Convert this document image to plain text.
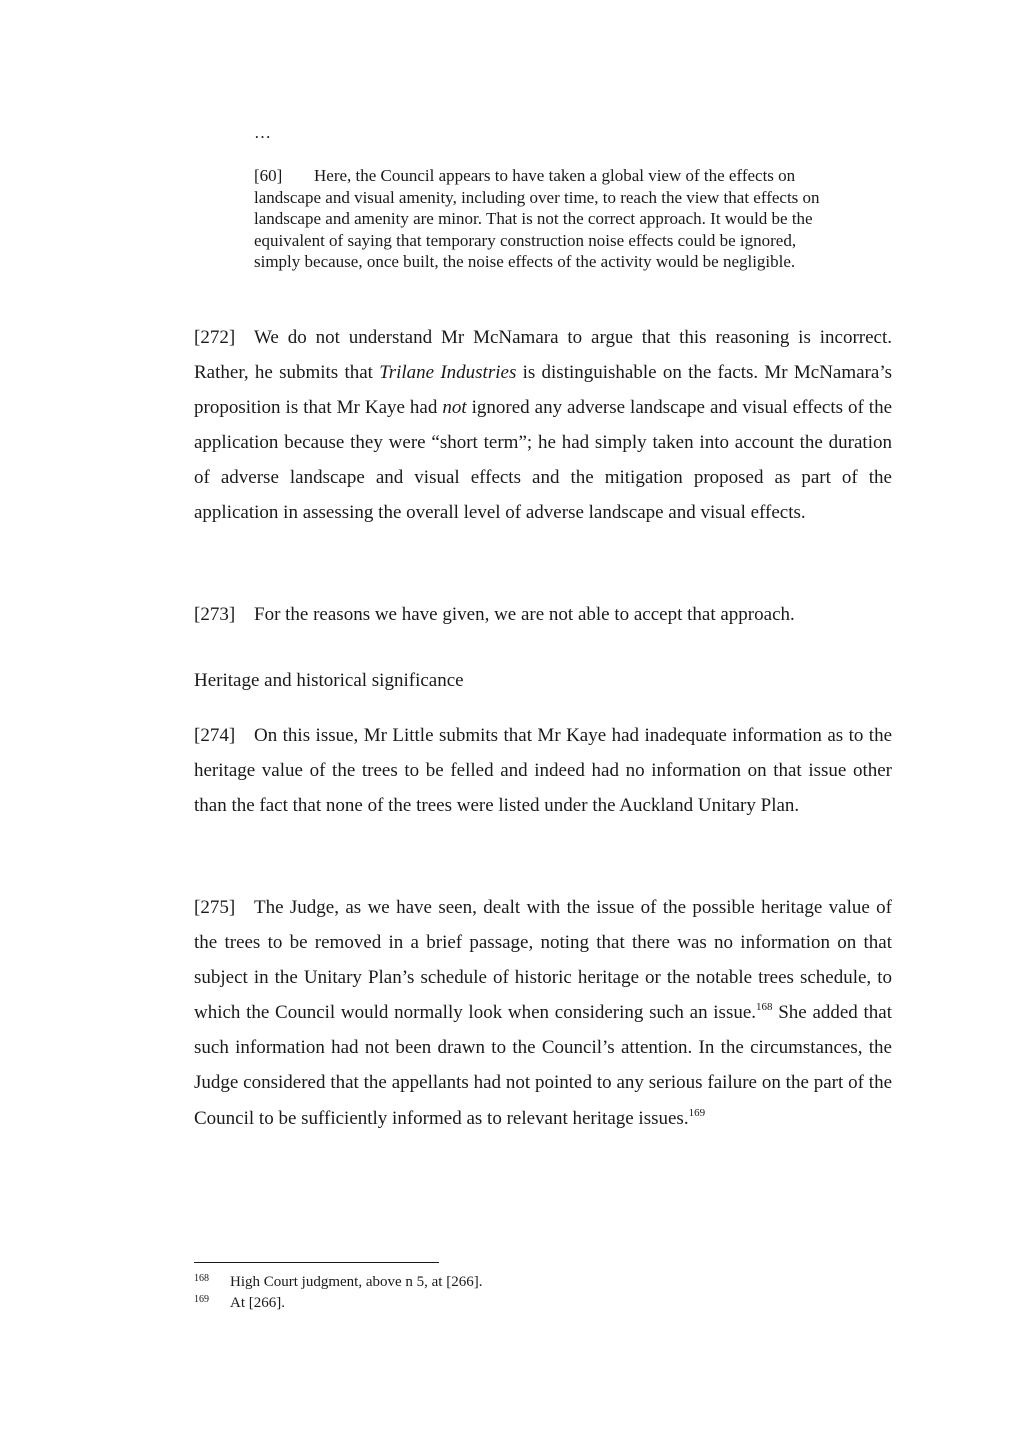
…
[60] Here, the Council appears to have taken a global view of the effects on landscape and visual amenity, including over time, to reach the view that effects on landscape and amenity are minor. That is not the correct approach. It would be the equivalent of saying that temporary construction noise effects could be ignored, simply because, once built, the noise effects of the activity would be negligible.
[272] We do not understand Mr McNamara to argue that this reasoning is incorrect. Rather, he submits that Trilane Industries is distinguishable on the facts. Mr McNamara’s proposition is that Mr Kaye had not ignored any adverse landscape and visual effects of the application because they were “short term”; he had simply taken into account the duration of adverse landscape and visual effects and the mitigation proposed as part of the application in assessing the overall level of adverse landscape and visual effects.
[273] For the reasons we have given, we are not able to accept that approach.
Heritage and historical significance
[274] On this issue, Mr Little submits that Mr Kaye had inadequate information as to the heritage value of the trees to be felled and indeed had no information on that issue other than the fact that none of the trees were listed under the Auckland Unitary Plan.
[275] The Judge, as we have seen, dealt with the issue of the possible heritage value of the trees to be removed in a brief passage, noting that there was no information on that subject in the Unitary Plan’s schedule of historic heritage or the notable trees schedule, to which the Council would normally look when considering such an issue.$^{168}$ She added that such information had not been drawn to the Council’s attention. In the circumstances, the Judge considered that the appellants had not pointed to any serious failure on the part of the Council to be sufficiently informed as to relevant heritage issues.$^{169}$
168 High Court judgment, above n 5, at [266].
169 At [266].
